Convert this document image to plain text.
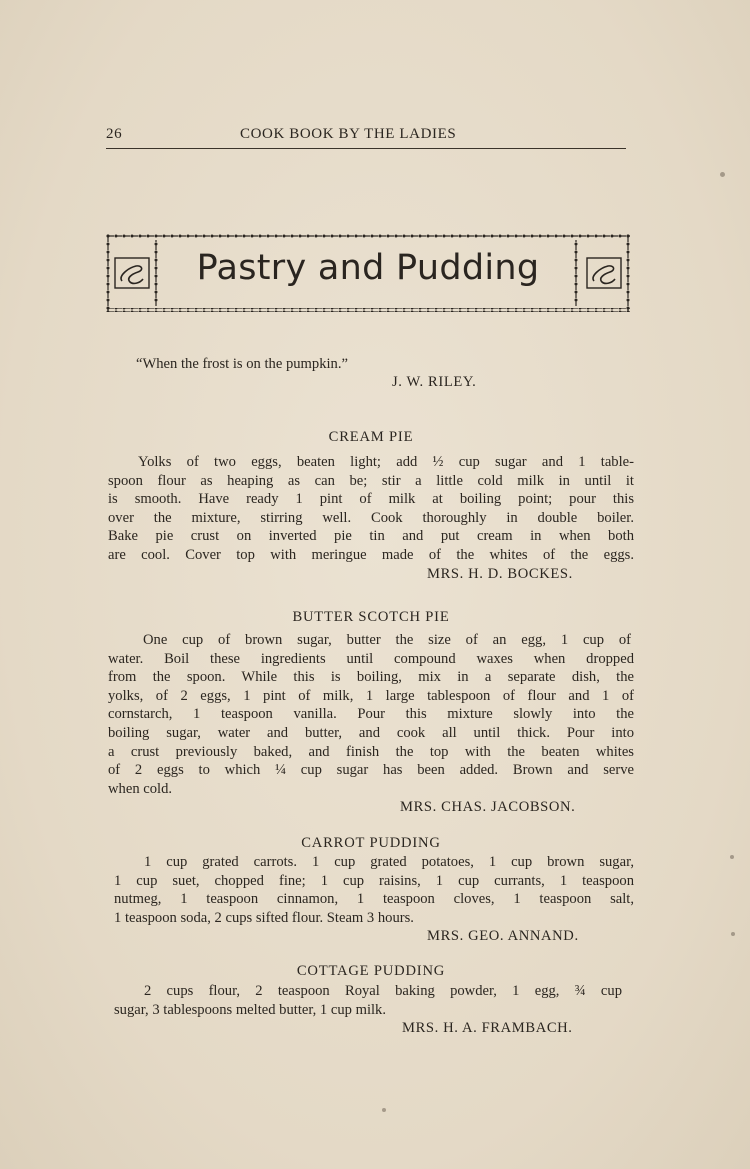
26	COOK BOOK BY THE LADIES
Pastry and Pudding
“When the frost is on the pumpkin.”
J. W. RILEY.
CREAM PIE
Yolks of two eggs, beaten light; add ½ cup sugar and 1 table-
spoon flour as heaping as can be; stir a little cold milk in until it
is smooth. Have ready 1 pint of milk at boiling point; pour this
over the mixture, stirring well. Cook thoroughly in double boiler.
Bake pie crust on inverted pie tin and put cream in when both
are cool. Cover top with meringue made of the whites of the eggs.
MRS. H. D. BOCKES.
BUTTER SCOTCH PIE
One cup of brown sugar, butter the size of an egg, 1 cup of
water. Boil these ingredients until compound waxes when dropped
from the spoon. While this is boiling, mix in a separate dish, the
yolks, of 2 eggs, 1 pint of milk, 1 large tablespoon of flour and 1 of
cornstarch, 1 teaspoon vanilla. Pour this mixture slowly into the
boiling sugar, water and butter, and cook all until thick. Pour into
a crust previously baked, and finish the top with the beaten whites
of 2 eggs to which ¼ cup sugar has been added. Brown and serve
when cold.
MRS. CHAS. JACOBSON.
CARROT PUDDING
1 cup grated carrots. 1 cup grated potatoes, 1 cup brown sugar,
1 cup suet, chopped fine; 1 cup raisins, 1 cup currants, 1 teaspoon
nutmeg, 1 teaspoon cinnamon, 1 teaspoon cloves, 1 teaspoon salt,
1 teaspoon soda, 2 cups sifted flour. Steam 3 hours.
MRS. GEO. ANNAND.
COTTAGE PUDDING
2 cups flour, 2 teaspoon Royal baking powder, 1 egg, ¾ cup
sugar, 3 tablespoons melted butter, 1 cup milk.
MRS. H. A. FRAMBACH.
